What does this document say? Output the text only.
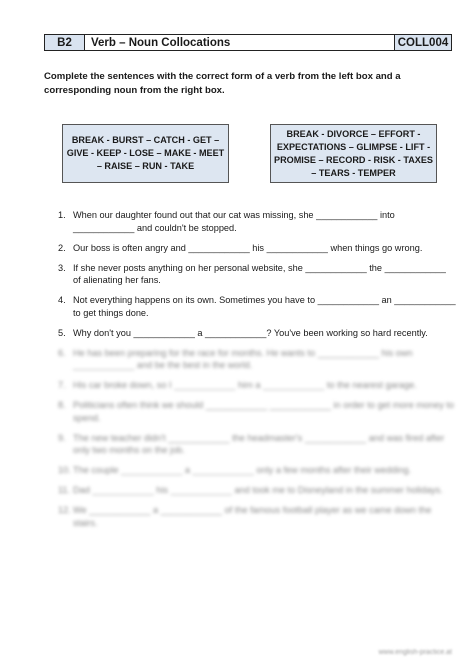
B2	Verb – Noun Collocations	COLL004
Complete the sentences with the correct form of a verb from the left box and a corresponding noun from the right box.
BREAK - BURST – CATCH - GET – GIVE - KEEP - LOSE – MAKE - MEET – RAISE – RUN - TAKE
BREAK - DIVORCE – EFFORT - EXPECTATIONS – GLIMPSE - LIFT - PROMISE – RECORD - RISK - TAXES – TEARS - TEMPER
1. When our daughter found out that our cat was missing, she ____________ into ____________ and couldn't be stopped.
2. Our boss is often angry and ____________ his ____________ when things go wrong.
3. If she never posts anything on her personal website, she ____________ the ____________ of alienating her fans.
4. Not everything happens on its own. Sometimes you have to ____________ an ____________ to get things done.
5. Why don't you ____________ a ____________? You've been working so hard recently.
6. He has been preparing for the race for months. He wants to ____________ his own ____________ and be the best in the world.
7. His car broke down, so I ____________ him a ____________ to the nearest garage.
8. Politicians often think we should ____________ ____________ in order to get more money to spend.
9. The new teacher didn't ____________ the headmaster's ____________ and was fired after only two months on the job.
10. The couple ____________ a ____________ only a few months after their wedding.
11. Dad ____________ his ____________ and took me to Disneyland in the summer holidays.
12. We ____________ a ____________ of the famous football player as we came down the stairs.
www.english-practice.at
